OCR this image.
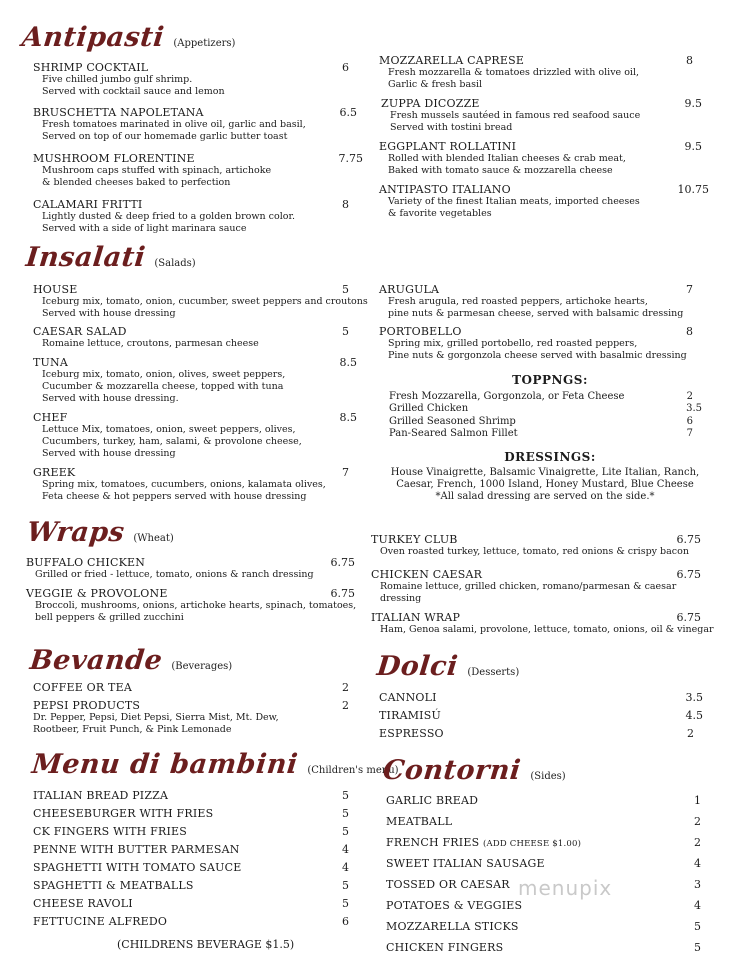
Antipasti (Appetizers)
SHRIMP COCKTAIL	6
Five chilled jumbo gulf shrimp.
Served with cocktail sauce and lemon
BRUSCHETTA NAPOLETANA	6.5
Fresh tomatoes marinated in olive oil, garlic and basil,
Served on top of our homemade garlic butter toast
MUSHROOM FLORENTINE	7.75
Mushroom caps stuffed with spinach, artichoke
& blended cheeses baked to perfection
CALAMARI FRITTI	8
Lightly dusted & deep fried to a golden brown color.
Served with a side of light marinara sauce
MOZZARELLA CAPRESE	8
Fresh mozzarella & tomatoes drizzled with olive oil,
Garlic & fresh basil
ZUPPA DICOZZE	9.5
Fresh mussels sautéed in famous red seafood sauce
Served with tostini bread
EGGPLANT ROLLATINI	9.5
Rolled with blended Italian cheeses & crab meat,
Baked with tomato sauce & mozzarella cheese
ANTIPASTO ITALIANO	10.75
Variety of the finest Italian meats, imported cheeses
& favorite vegetables
Insalati (Salads)
HOUSE	5
Iceburg mix, tomato, onion, cucumber, sweet peppers and croutons
Served with house dressing
CAESAR SALAD	5
Romaine lettuce, croutons, parmesan cheese
TUNA	8.5
Iceburg mix, tomato, onion, olives, sweet peppers,
Cucumber & mozzarella cheese, topped with tuna
Served with house dressing.
CHEF	8.5
Lettuce Mix, tomatoes, onion, sweet peppers, olives,
Cucumbers, turkey, ham, salami, & provolone cheese,
Served with house dressing
GREEK	7
Spring mix, tomatoes, cucumbers, onions, kalamata olives,
Feta cheese & hot peppers served with house dressing
ARUGULA	7
Fresh arugula, red roasted peppers, artichoke hearts,
pine nuts & parmesan cheese, served with balsamic dressing
PORTOBELLO	8
Spring mix, grilled portobello, red roasted peppers,
Pine nuts & gorgonzola cheese served with basalmic dressing
TOPPNGS:
Fresh Mozzarella, Gorgonzola, or Feta Cheese	2
Grilled Chicken	3.5
Grilled Seasoned Shrimp	6
Pan-Seared Salmon Fillet	7
DRESSINGS:
House Vinaigrette, Balsamic Vinaigrette, Lite Italian, Ranch,
Caesar, French, 1000 Island, Honey Mustard, Blue Cheese
*All salad dressing are served on the side.*
Wraps (Wheat)
BUFFALO CHICKEN	6.75
Grilled or fried - lettuce, tomato, onions & ranch dressing
VEGGIE & PROVOLONE	6.75
Broccoli, mushrooms, onions, artichoke hearts, spinach, tomatoes,
bell peppers & grilled zucchini
TURKEY CLUB	6.75
Oven roasted turkey, lettuce, tomato, red onions & crispy bacon
CHICKEN CAESAR	6.75
Romaine lettuce, grilled chicken, romano/parmesan & caesar
dressing
ITALIAN WRAP	6.75
Ham, Genoa salami, provolone, lettuce, tomato, onions, oil & vinegar
Bevande (Beverages)
COFFEE OR TEA	2
PEPSI PRODUCTS	2
Dr. Pepper, Pepsi, Diet Pepsi, Sierra Mist, Mt. Dew,
Rootbeer, Fruit Punch, & Pink Lemonade
Dolci (Desserts)
CANNOLI	3.5
TIRAMISÚ	4.5
ESPRESSO	2
Menu di bambini (Children's menu)
ITALIAN BREAD PIZZA	5
CHEESEBURGER WITH FRIES	5
CK FINGERS WITH FRIES	5
PENNE WITH BUTTER PARMESAN	4
SPAGHETTI WITH TOMATO SAUCE	4
SPAGHETTI & MEATBALLS	5
CHEESE RAVOLI	5
FETTUCINE ALFREDO	6
(CHILDRENS BEVERAGE $1.5)
Contorni (Sides)
GARLIC BREAD	1
MEATBALL	2
FRENCH FRIES (ADD CHEESE $1.00)	2
SWEET ITALIAN SAUSAGE	4
TOSSED OR CAESAR	3
POTATOES & VEGGIES	4
MOZZARELLA STICKS	5
CHICKEN FINGERS	5
menupix
